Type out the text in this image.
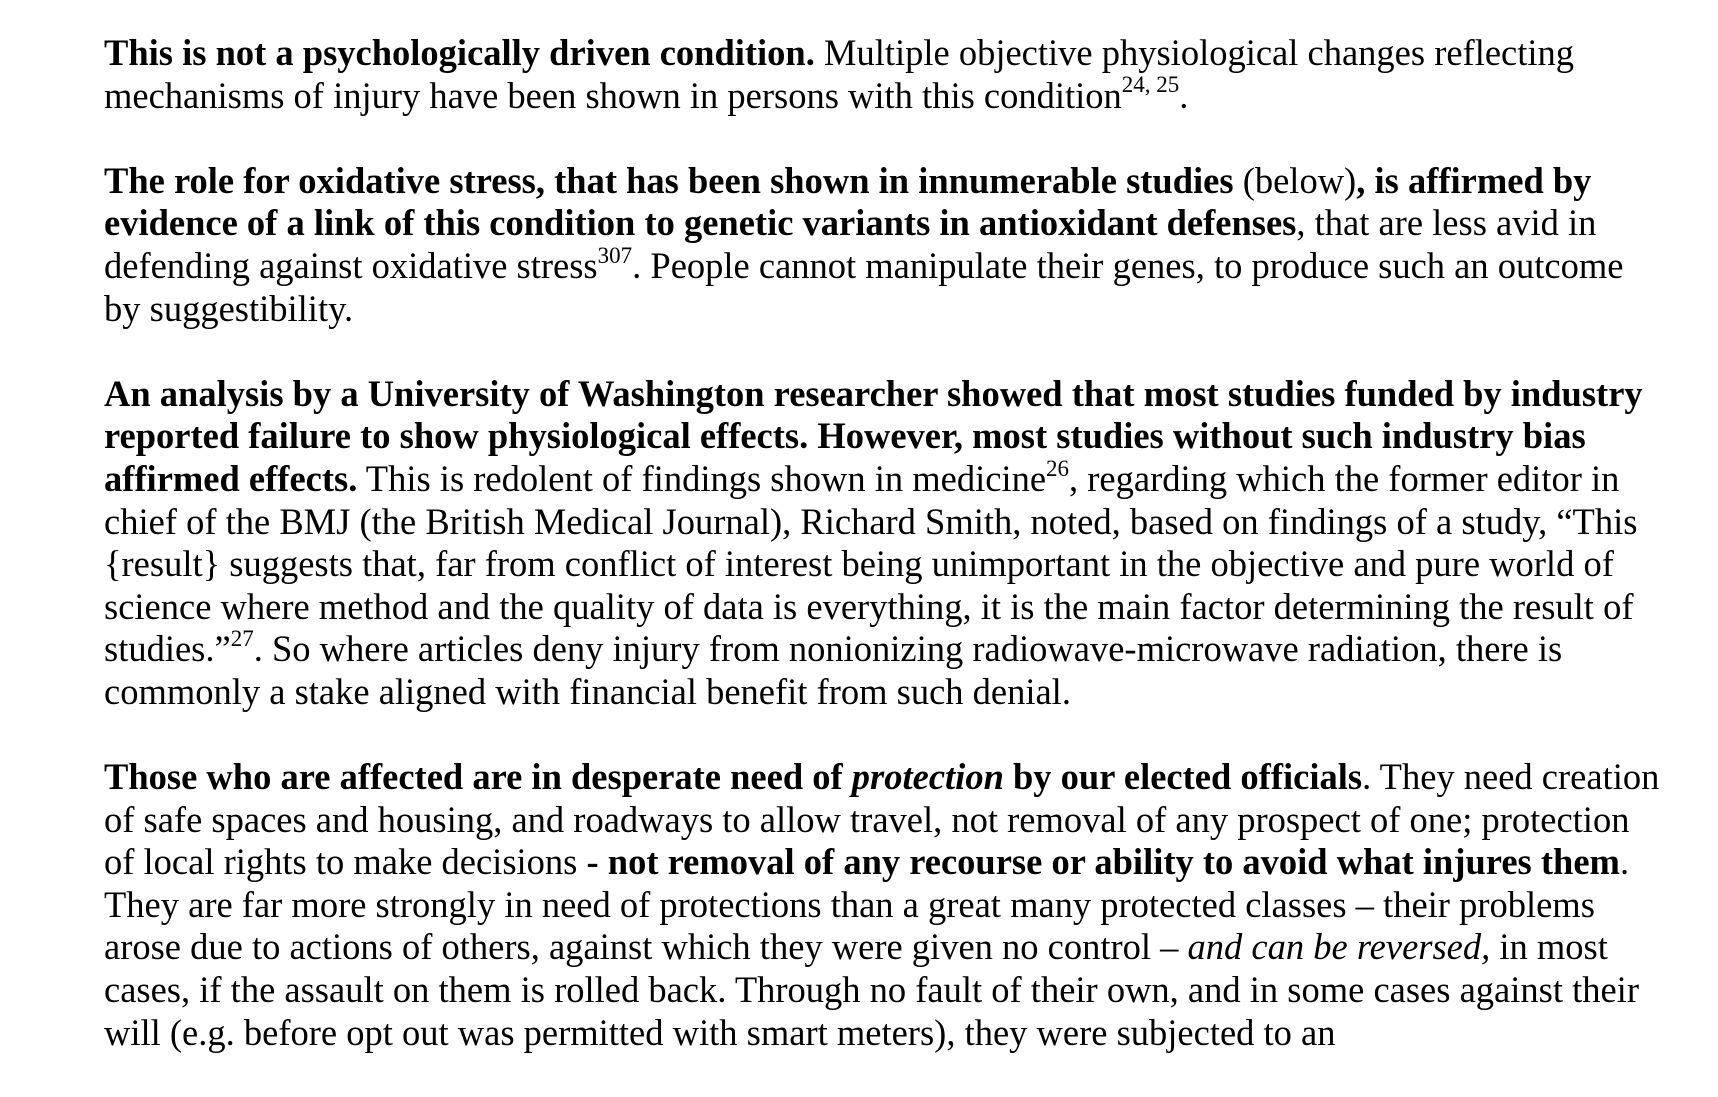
This is not a psychologically driven condition. Multiple objective physiological changes reflecting mechanisms of injury have been shown in persons with this condition$^{24, 25}$.

The role for oxidative stress, that has been shown in innumerable studies (below), is affirmed by evidence of a link of this condition to genetic variants in antioxidant defenses, that are less avid in defending against oxidative stress$^{307}$. People cannot manipulate their genes, to produce such an outcome by suggestibility.

An analysis by a University of Washington researcher showed that most studies funded by industry reported failure to show physiological effects. However, most studies without such industry bias affirmed effects. This is redolent of findings shown in medicine$^{26}$, regarding which the former editor in chief of the BMJ (the British Medical Journal), Richard Smith, noted, based on findings of a study, “This {result} suggests that, far from conflict of interest being unimportant in the objective and pure world of science where method and the quality of data is everything, it is the main factor determining the result of studies.”$^{27}$. So where articles deny injury from nonionizing radiowave-microwave radiation, there is commonly a stake aligned with financial benefit from such denial.

Those who are affected are in desperate need of protection by our elected officials. They need creation of safe spaces and housing, and roadways to allow travel, not removal of any prospect of one; protection of local rights to make decisions - not removal of any recourse or ability to avoid what injures them. They are far more strongly in need of protections than a great many protected classes – their problems arose due to actions of others, against which they were given no control – and can be reversed, in most cases, if the assault on them is rolled back. Through no fault of their own, and in some cases against their will (e.g. before opt out was permitted with smart meters), they were subjected to an
